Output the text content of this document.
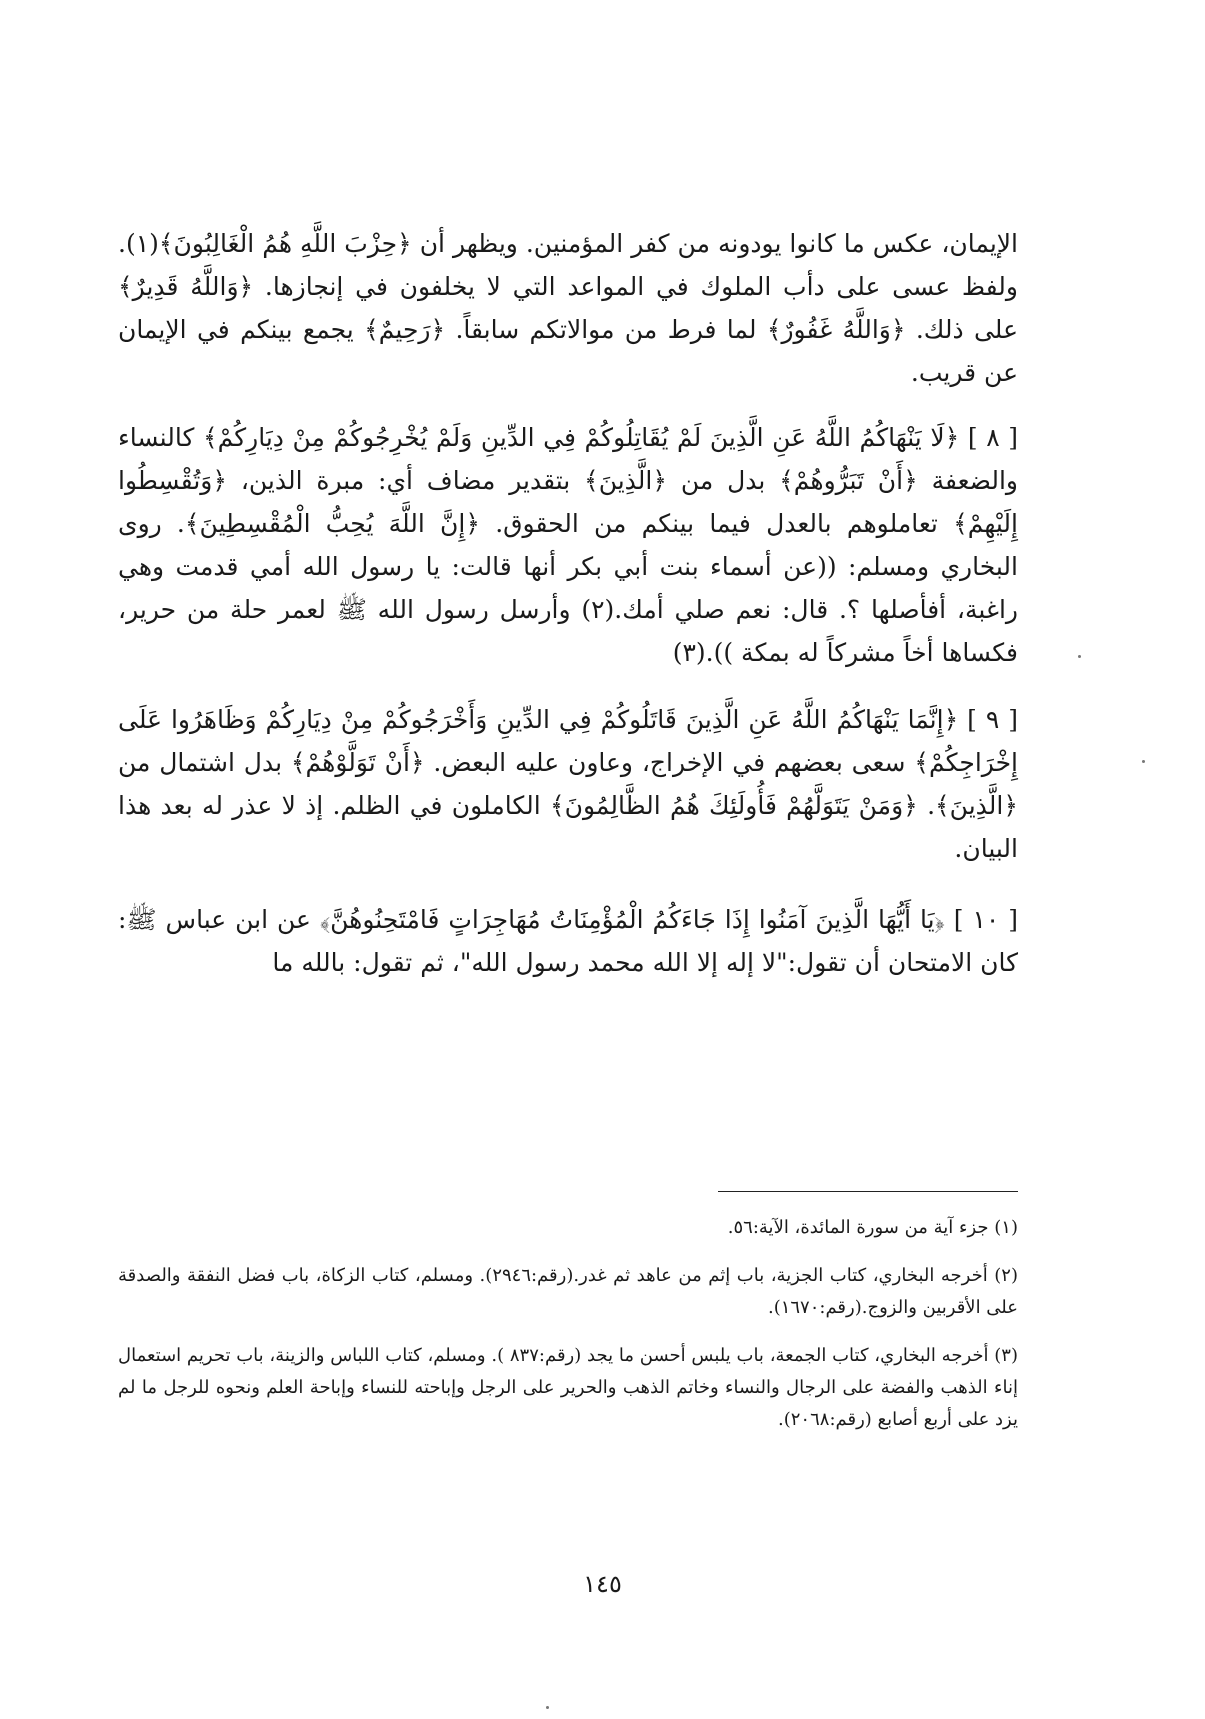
الإيمان، عكس ما كانوا يودونه من كفر المؤمنين. ويظهر أن ﴿حِزْبَ اللَّهِ هُمُ الْغَالِبُونَ﴾(١). ولفظ عسى على دأب الملوك في المواعد التي لا يخلفون في إنجازها. ﴿وَاللَّهُ قَدِيرٌ﴾ على ذلك. ﴿وَاللَّهُ غَفُورٌ﴾ لما فرط من موالاتكم سابقاً. ﴿رَحِيمٌ﴾ يجمع بينكم في الإيمان عن قريب.

[ ٨ ] ﴿لَا يَنْهَاكُمُ اللَّهُ عَنِ الَّذِينَ لَمْ يُقَاتِلُوكُمْ فِي الدِّينِ وَلَمْ يُخْرِجُوكُمْ مِنْ دِيَارِكُمْ﴾ كالنساء والضعفة ﴿أَنْ تَبَرُّوهُمْ﴾ بدل من ﴿الَّذِينَ﴾ بتقدير مضاف أي: مبرة الذين، ﴿وَتُقْسِطُوا إِلَيْهِمْ﴾ تعاملوهم بالعدل فيما بينكم من الحقوق. ﴿إِنَّ اللَّهَ يُحِبُّ الْمُقْسِطِينَ﴾. روى البخاري ومسلم: ((عن أسماء بنت أبي بكر أنها قالت: يا رسول الله أمي قدمت وهي راغبة، أفأصلها ؟. قال: نعم صلي أمك.(٢) وأرسل رسول الله ﷺ لعمر حلة من حرير، فكساها أخاً مشركاً له بمكة )).(٣)

[ ٩ ] ﴿إِنَّمَا يَنْهَاكُمُ اللَّهُ عَنِ الَّذِينَ قَاتَلُوكُمْ فِي الدِّينِ وَأَخْرَجُوكُمْ مِنْ دِيَارِكُمْ وَظَاهَرُوا عَلَى إِخْرَاجِكُمْ﴾ سعى بعضهم في الإخراج، وعاون عليه البعض. ﴿أَنْ تَوَلَّوْهُمْ﴾ بدل اشتمال من ﴿الَّذِينَ﴾. ﴿وَمَنْ يَتَوَلَّهُمْ فَأُولَئِكَ هُمُ الظَّالِمُونَ﴾ الكاملون في الظلم. إذ لا عذر له بعد هذا البيان.

[ ١٠ ] ﴿يَا أَيُّهَا الَّذِينَ آمَنُوا إِذَا جَاءَكُمُ الْمُؤْمِنَاتُ مُهَاجِرَاتٍ فَامْتَحِنُوهُنَّ﴾ عن ابن عباس ﷺ: كان الامتحان أن تقول:"لا إله إلا الله محمد رسول الله"، ثم تقول: بالله ما

(١) جزء آية من سورة المائدة، الآية:٥٦.

(٢) أخرجه البخاري، كتاب الجزية، باب إثم من عاهد ثم غدر.(رقم:٢٩٤٦). ومسلم، كتاب الزكاة، باب فضل النفقة والصدقة على الأقربين والزوج.(رقم:١٦٧٠).

(٣) أخرجه البخاري، كتاب الجمعة، باب يلبس أحسن ما يجد (رقم:٨٣٧ ). ومسلم، كتاب اللباس والزينة، باب تحريم استعمال إناء الذهب والفضة على الرجال والنساء وخاتم الذهب والحرير على الرجل وإباحته للنساء وإباحة العلم ونحوه للرجل ما لم يزد على أربع أصابع (رقم:٢٠٦٨).

١٤٥
